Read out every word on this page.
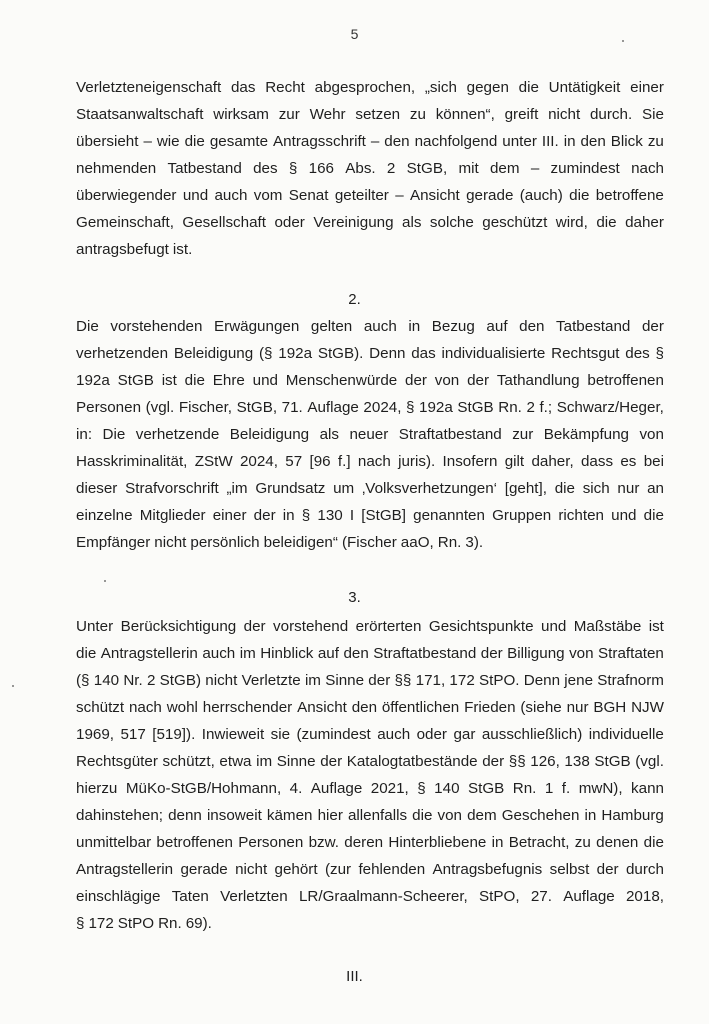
5
Verletzteneigenschaft das Recht abgesprochen, „sich gegen die Untätigkeit einer
Staatsanwaltschaft wirksam zur Wehr setzen zu können“, greift nicht durch. Sie
übersieht – wie die gesamte Antragsschrift – den nachfolgend unter III. in den Blick zu
nehmenden Tatbestand des § 166 Abs. 2 StGB, mit dem – zumindest nach
überwiegender und auch vom Senat geteilter – Ansicht gerade (auch) die betroffene
Gemeinschaft, Gesellschaft oder Vereinigung als solche geschützt wird, die daher
antragsbefugt ist.
2.
Die vorstehenden Erwägungen gelten auch in Bezug auf den Tatbestand der
verhetzenden Beleidigung (§ 192a StGB). Denn das individualisierte Rechtsgut des §
192a StGB ist die Ehre und Menschenwürde der von der Tathandlung betroffenen
Personen (vgl. Fischer, StGB, 71. Auflage 2024, § 192a StGB Rn. 2 f.; Schwarz/Heger,
in: Die verhetzende Beleidigung als neuer Straftatbestand zur Bekämpfung von
Hasskriminalität, ZStW 2024, 57 [96 f.] nach juris). Insofern gilt daher, dass es bei
dieser Strafvorschrift „im Grundsatz um ‚Volksverhetzungen‘ [geht], die sich nur an
einzelne Mitglieder einer der in § 130 I [StGB] genannten Gruppen richten und die
Empfänger nicht persönlich beleidigen“ (Fischer aaO, Rn. 3).
3.
Unter Berücksichtigung der vorstehend erörterten Gesichtspunkte und Maßstäbe ist
die Antragstellerin auch im Hinblick auf den Straftatbestand der Billigung von Straftaten
(§ 140 Nr. 2 StGB) nicht Verletzte im Sinne der §§ 171, 172 StPO. Denn jene Strafnorm
schützt nach wohl herrschender Ansicht den öffentlichen Frieden (siehe nur BGH NJW
1969, 517 [519]). Inwieweit sie (zumindest auch oder gar ausschließlich) individuelle
Rechtsgüter schützt, etwa im Sinne der Katalogtatbestände der §§ 126, 138 StGB (vgl.
hierzu MüKo-StGB/Hohmann, 4. Auflage 2021, § 140 StGB Rn. 1 f. mwN), kann
dahinstehen; denn insoweit kämen hier allenfalls die von dem Geschehen in Hamburg
unmittelbar betroffenen Personen bzw. deren Hinterbliebene in Betracht, zu denen die
Antragstellerin gerade nicht gehört (zur fehlenden Antragsbefugnis selbst der durch
einschlägige Taten Verletzten LR/Graalmann-Scheerer, StPO, 27. Auflage 2018,
§ 172 StPO Rn. 69).
III.
